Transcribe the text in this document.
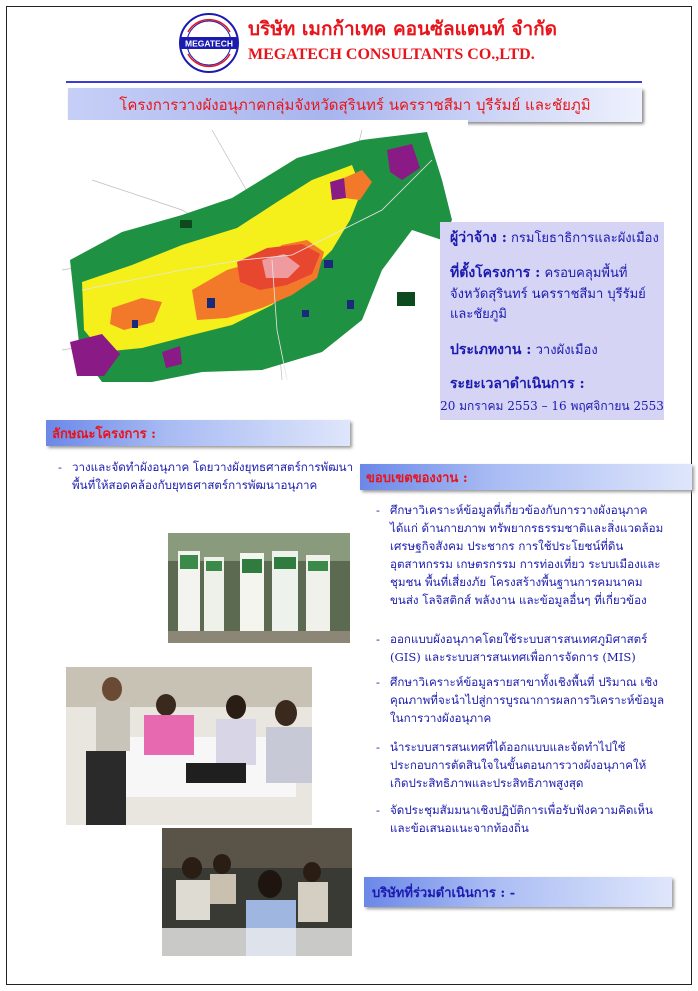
MEGATECH
บริษัท เมกก้าเทค คอนซัลแตนท์ จำกัด
MEGATECH CONSULTANTS CO.,LTD.
โครงการวางผังอนุภาคกลุ่มจังหวัดสุรินทร์ นครราชสีมา บุรีรัมย์ และชัยภูมิ
ผู้ว่าจ้าง : กรมโยธาธิการและผังเมือง
ที่ตั้งโครงการ : ครอบคลุมพื้นที่
จังหวัดสุรินทร์ นครราชสีมา บุรีรัมย์
และชัยภูมิ
ประเภทงาน : วางผังเมือง
ระยะเวลาดำเนินการ :
20 มกราคม 2553 – 16 พฤศจิกายน 2553
ลักษณะโครงการ :
- วางและจัดทำผังอนุภาค โดยวางผังยุทธศาสตร์การพัฒนา
พื้นที่ให้สอดคล้องกับยุทธศาสตร์การพัฒนาอนุภาค	ขอบเขตของงาน :
- ศึกษาวิเคราะห์ข้อมูลที่เกี่ยวข้องกับการวางผังอนุภาค
ได้แก่ ด้านกายภาพ ทรัพยากรธรรมชาติและสิ่งแวดล้อม
เศรษฐกิจสังคม ประชากร การใช้ประโยชน์ที่ดิน
อุตสาหกรรม เกษตรกรรม การท่องเที่ยว ระบบเมืองและ
ชุมชน พื้นที่เสี่ยงภัย โครงสร้างพื้นฐานการคมนาคม
ขนส่ง โลจิสติกส์ พลังงาน และข้อมูลอื่นๆ ที่เกี่ยวข้อง
- ออกแบบผังอนุภาคโดยใช้ระบบสารสนเทศภูมิศาสตร์
(GIS) และระบบสารสนเทศเพื่อการจัดการ (MIS)
- ศึกษาวิเคราะห์ข้อมูลรายสาขาทั้งเชิงพื้นที่ ปริมาณ เชิง
คุณภาพที่จะนำไปสู่การบูรณาการผลการวิเคราะห์ข้อมูล
ในการวางผังอนุภาค
- นำระบบสารสนเทศที่ได้ออกแบบและจัดทำไปใช้
ประกอบการตัดสินใจในขั้นตอนการวางผังอนุภาคให้
เกิดประสิทธิภาพและประสิทธิภาพสูงสุด
- จัดประชุมสัมมนาเชิงปฏิบัติการเพื่อรับฟังความคิดเห็น
และข้อเสนอแนะจากท้องถิ่น
บริษัทที่ร่วมดำเนินการ : -
